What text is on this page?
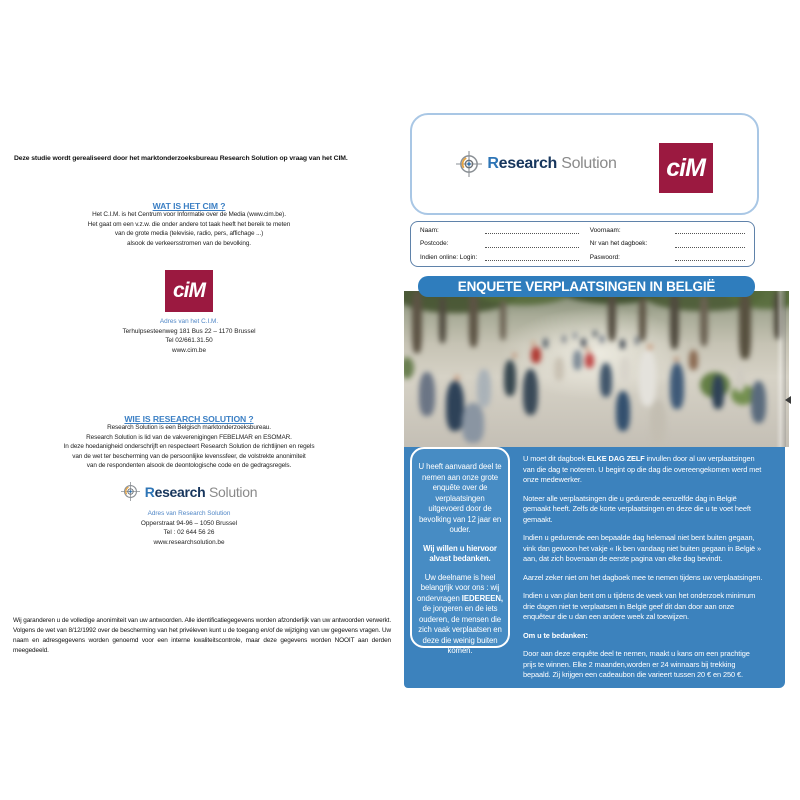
Deze studie wordt gerealiseerd door het marktonderzoeksbureau Research Solution op vraag van het CIM.
WAT IS HET CIM ?
Het C.I.M. is het Centrum voor Informatie over de Media (www.cim.be).
Het gaat om een v.z.w. die onder andere tot taak heeft het bereik te meten
van de grote media (televisie, radio, pers, affichage ...)
alsook de verkeersstromen van de bevolking.
ciM
Adres van het C.I.M.
Terhulpsesteenweg 181 Bus 22 – 1170 Brussel
Tel 02/661.31.50
www.cim.be
WIE IS RESEARCH SOLUTION ?
Research Solution is een Belgisch marktonderzoeksbureau.
Research Solution is lid van de vakverenigingen FEBELMAR en ESOMAR.
In deze hoedanigheid onderschrijft en respecteert Research Solution de richtlijnen en regels
van de wet ter bescherming van de persoonlijke levenssfeer, de volstrekte anonimiteit
van de respondenten alsook de deontologische code en de gedragsregels.
Research Solution
Adres van Research Solution
Opperstraat 94-96 – 1050 Brussel
Tel : 02 644 56 26
www.researchsolution.be
Wij garanderen u de volledige anonimiteit van uw antwoorden. Alle identificatiegegevens worden afzonderlijk van uw antwoorden verwerkt. Volgens de wet van 8/12/1992 over de bescherming van het privéleven kunt u de toegang en/of de wijziging van uw gegevens vragen. Uw naam en adresgegevens worden genoemd voor een interne kwaliteitscontrole, maar deze gegevens worden NOOIT aan derden meegedeeld.
Research Solution	ciM
Naam:	Voornaam:
Postcode:	Nr van het dagboek:
Indien online: Login:	Paswoord:
ENQUETE VERPLAATSINGEN IN BELGIË

U heeft aanvaard deel te nemen aan onze grote enquête over de verplaatsingen uitgevoerd door de bevolking van 12 jaar en ouder.

Wij willen u hiervoor alvast bedanken.

Uw deelname is heel belangrijk voor ons : wij ondervragen IEDEREEN, de jongeren en de iets ouderen, de mensen die zich vaak verplaatsen en deze die weinig buiten komen.

U moet dit dagboek ELKE DAG ZELF invullen door al uw verplaatsingen van die dag te noteren. U begint op die dag die overeengekomen werd met onze medewerker.

Noteer alle verplaatsingen die u gedurende eenzelfde dag in België gemaakt heeft. Zelfs de korte verplaatsingen en deze die u te voet heeft gemaakt.

Indien u gedurende een bepaalde dag helemaal niet bent buiten gegaan, vink dan gewoon het vakje « Ik ben vandaag niet buiten gegaan in België » aan, dat zich bovenaan de eerste pagina van elke dag bevindt.

Aarzel zeker niet om het dagboek mee te nemen tijdens uw verplaatsingen.

Indien u van plan bent om u tijdens de week van het onderzoek minimum drie dagen niet te verplaatsen in België geef dit dan door aan onze enquêteur die u dan een andere week zal toewijzen.

Om u te bedanken:

Door aan deze enquête deel te nemen, maakt u kans om een prachtige prijs te winnen. Elke 2 maanden,worden er 24 winnaars bij trekking bepaald. Zij krijgen een cadeaubon die varieert tussen 20 € en 250 €.
